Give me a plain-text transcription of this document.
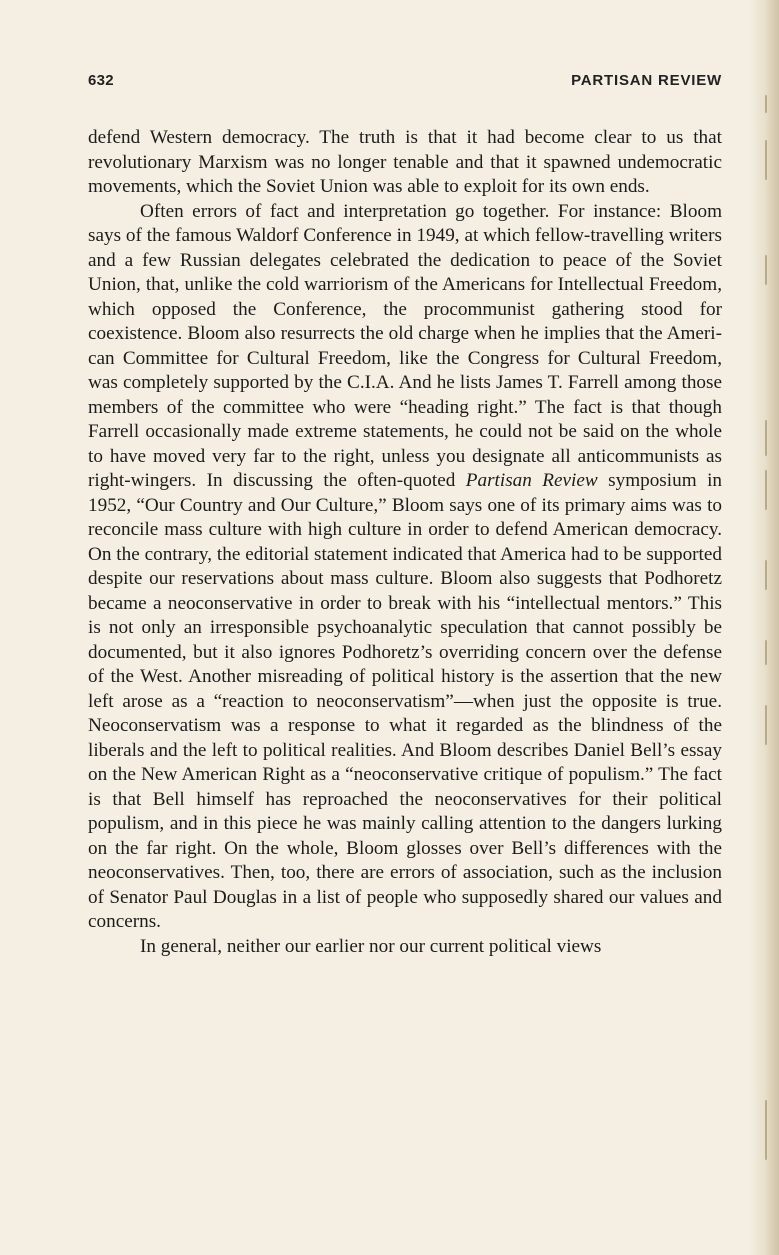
632	PARTISAN REVIEW

defend Western democracy. The truth is that it had become clear to us that revolutionary Marxism was no longer tenable and that it spawned undemocratic movements, which the Soviet Union was able to exploit for its own ends.

Often errors of fact and interpretation go together. For instance: Bloom says of the famous Waldorf Conference in 1949, at which fellow-travelling writers and a few Russian delegates celebrated the dedication to peace of the Soviet Union, that, unlike the cold warriorism of the Americans for Intellectual Freedom, which opposed the Conference, the procommunist gathering stood for coexistence. Bloom also resurrects the old charge when he implies that the American Committee for Cultural Freedom, like the Congress for Cultural Freedom, was completely supported by the C.I.A. And he lists James T. Farrell among those members of the committee who were “heading right.” The fact is that though Farrell occasionally made extreme statements, he could not be said on the whole to have moved very far to the right, unless you designate all anticommunists as right-wingers. In discussing the often-quoted Partisan Review symposium in 1952, “Our Country and Our Culture,” Bloom says one of its primary aims was to reconcile mass culture with high culture in order to defend American democracy. On the contrary, the editorial statement indicated that America had to be supported despite our reservations about mass culture. Bloom also suggests that Podhoretz became a neoconservative in order to break with his “intellectual mentors.” This is not only an irresponsible psychoanalytic speculation that cannot possibly be documented, but it also ignores Podhoretz’s overriding concern over the defense of the West. Another misreading of political history is the assertion that the new left arose as a “reaction to neoconservatism”—when just the opposite is true. Neoconservatism was a response to what it regarded as the blindness of the liberals and the left to political realities. And Bloom describes Daniel Bell’s essay on the New American Right as a “neoconservative critique of populism.” The fact is that Bell himself has reproached the neoconservatives for their political populism, and in this piece he was mainly calling attention to the dangers lurking on the far right. On the whole, Bloom glosses over Bell’s differences with the neoconservatives. Then, too, there are errors of association, such as the inclusion of Senator Paul Douglas in a list of people who supposedly shared our values and concerns.

In general, neither our earlier nor our current political views
